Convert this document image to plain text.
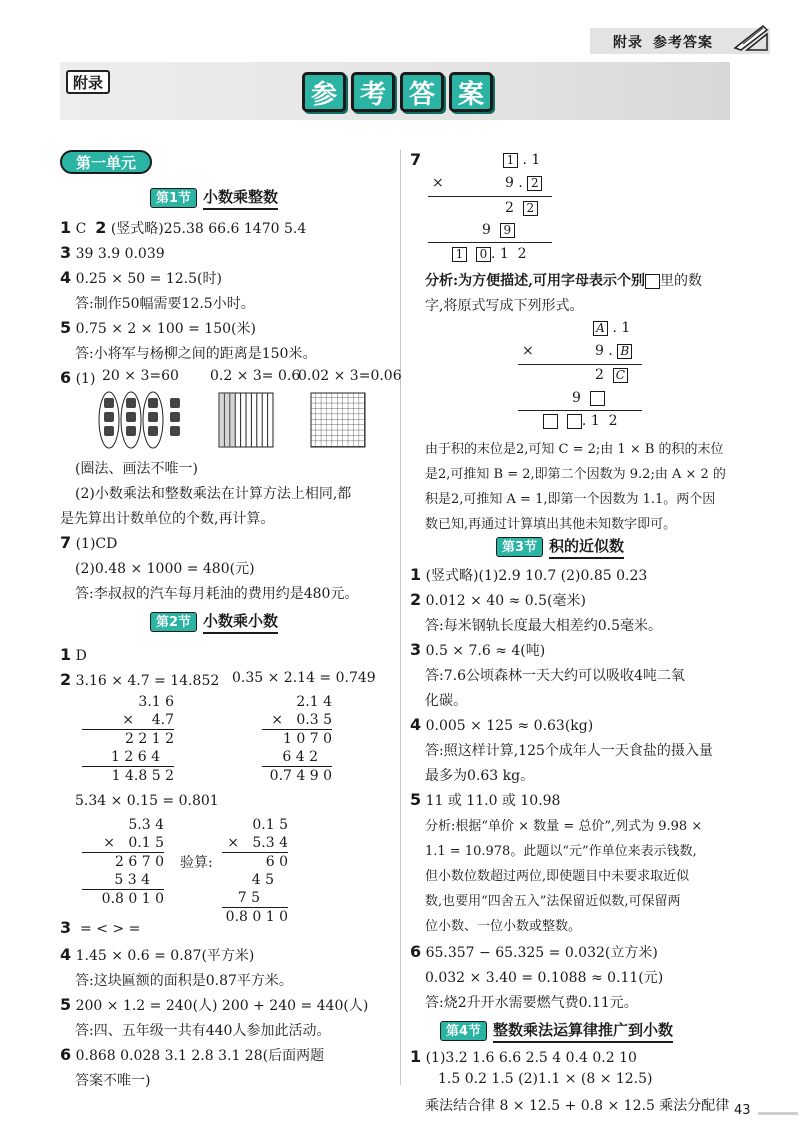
附录 参考答案
附录	参 考 答 案
第一单元
第1节 小数乘整数
1 C 2 (竖式略)25.38 66.6 1470 5.4
3 39 3.9 0.039
4 0.25 × 50 = 12.5(时)
答:制作50幅需要12.5小时。
5 0.75 × 2 × 100 = 150(米)
答:小将军与杨柳之间的距离是150米。
6 (1) 20 × 3=60 0.2 × 3= 0.6
0.02 × 3=0.06
(圈法、画法不唯一)
(2)小数乘法和整数乘法在计算方法上相同,都
是先算出计数单位的个数,再计算。
7 (1)CD
(2)0.48 × 1000 = 480(元)
答:李叔叔的汽车每月耗油的费用约是480元。
第2节 小数乘小数
1 D
2 3.16 × 4.7 = 14.852 0.35 × 2.14 = 0.749
3.1 6
×    4.7
2 2 1 2
1 2 6 4
1 4.8 5 2
2.1 4
×   0.3 5
1 0 7 0
6 4 2
0.7 4 9 0
5.34 × 0.15 = 0.801
5.3 4
×   0.1 5
2 6 7 0
5 3 4
0.8 0 1 0
验算:
0.1 5
×   5.3 4
6 0
4 5
7 5
0.8 0 1 0
3 = < > =
4 1.45 × 0.6 = 0.87(平方米)
答:这块匾额的面积是0.87平方米。
5 200 × 1.2 = 240(人) 200 + 240 = 440(人)
答:四、五年级一共有440人参加此活动。
6 0.868 0.028 3.1 2.8 3.1 28(后面两题
答案不唯一)
7	1 . 1
×	9 . 2
2 2
9 9
1 0 . 1 2
分析:为方便描述,可用字母表示个别 里的数
字,将原式写成下列形式。
A . 1
×	9 . B
2 C
9
. 1 2
由于积的末位是2,可知 C = 2;由 1 × B 的积的末位
是2,可推知 B = 2,即第二个因数为 9.2;由 A × 2 的
积是2,可推知 A = 1,即第一个因数为 1.1。两个因
数已知,再通过计算填出其他未知数字即可。
第3节 积的近似数
1 (竖式略)(1)2.9 10.7 (2)0.85 0.23
2 0.012 × 40 ≈ 0.5(毫米)
答:每米钢轨长度最大相差约0.5毫米。
3 0.5 × 7.6 ≈ 4(吨)
答:7.6公顷森林一天大约可以吸收4吨二氧
化碳。
4 0.005 × 125 ≈ 0.63(kg)
答:照这样计算,125个成年人一天食盐的摄入量
最多为0.63 kg。
5 11 或 11.0 或 10.98
分析:根据“单价 × 数量 = 总价”,列式为 9.98 ×
1.1 = 10.978。此题以“元”作单位来表示钱数,
但小数位数超过两位,即使题目中未要求取近似
数,也要用“四舍五入”法保留近似数,可保留两
位小数、一位小数或整数。
6 65.357 − 65.325 = 0.032(立方米)
0.032 × 3.40 = 0.1088 ≈ 0.11(元)
答:烧2升开水需要燃气费0.11元。
第4节 整数乘法运算律推广到小数
1 (1)3.2 1.6 6.6 2.5 4 0.4 0.2 10
1.5 0.2 1.5 (2)1.1 × (8 × 12.5)
乘法结合律 8 × 12.5 + 0.8 × 12.5 乘法分配律 43
